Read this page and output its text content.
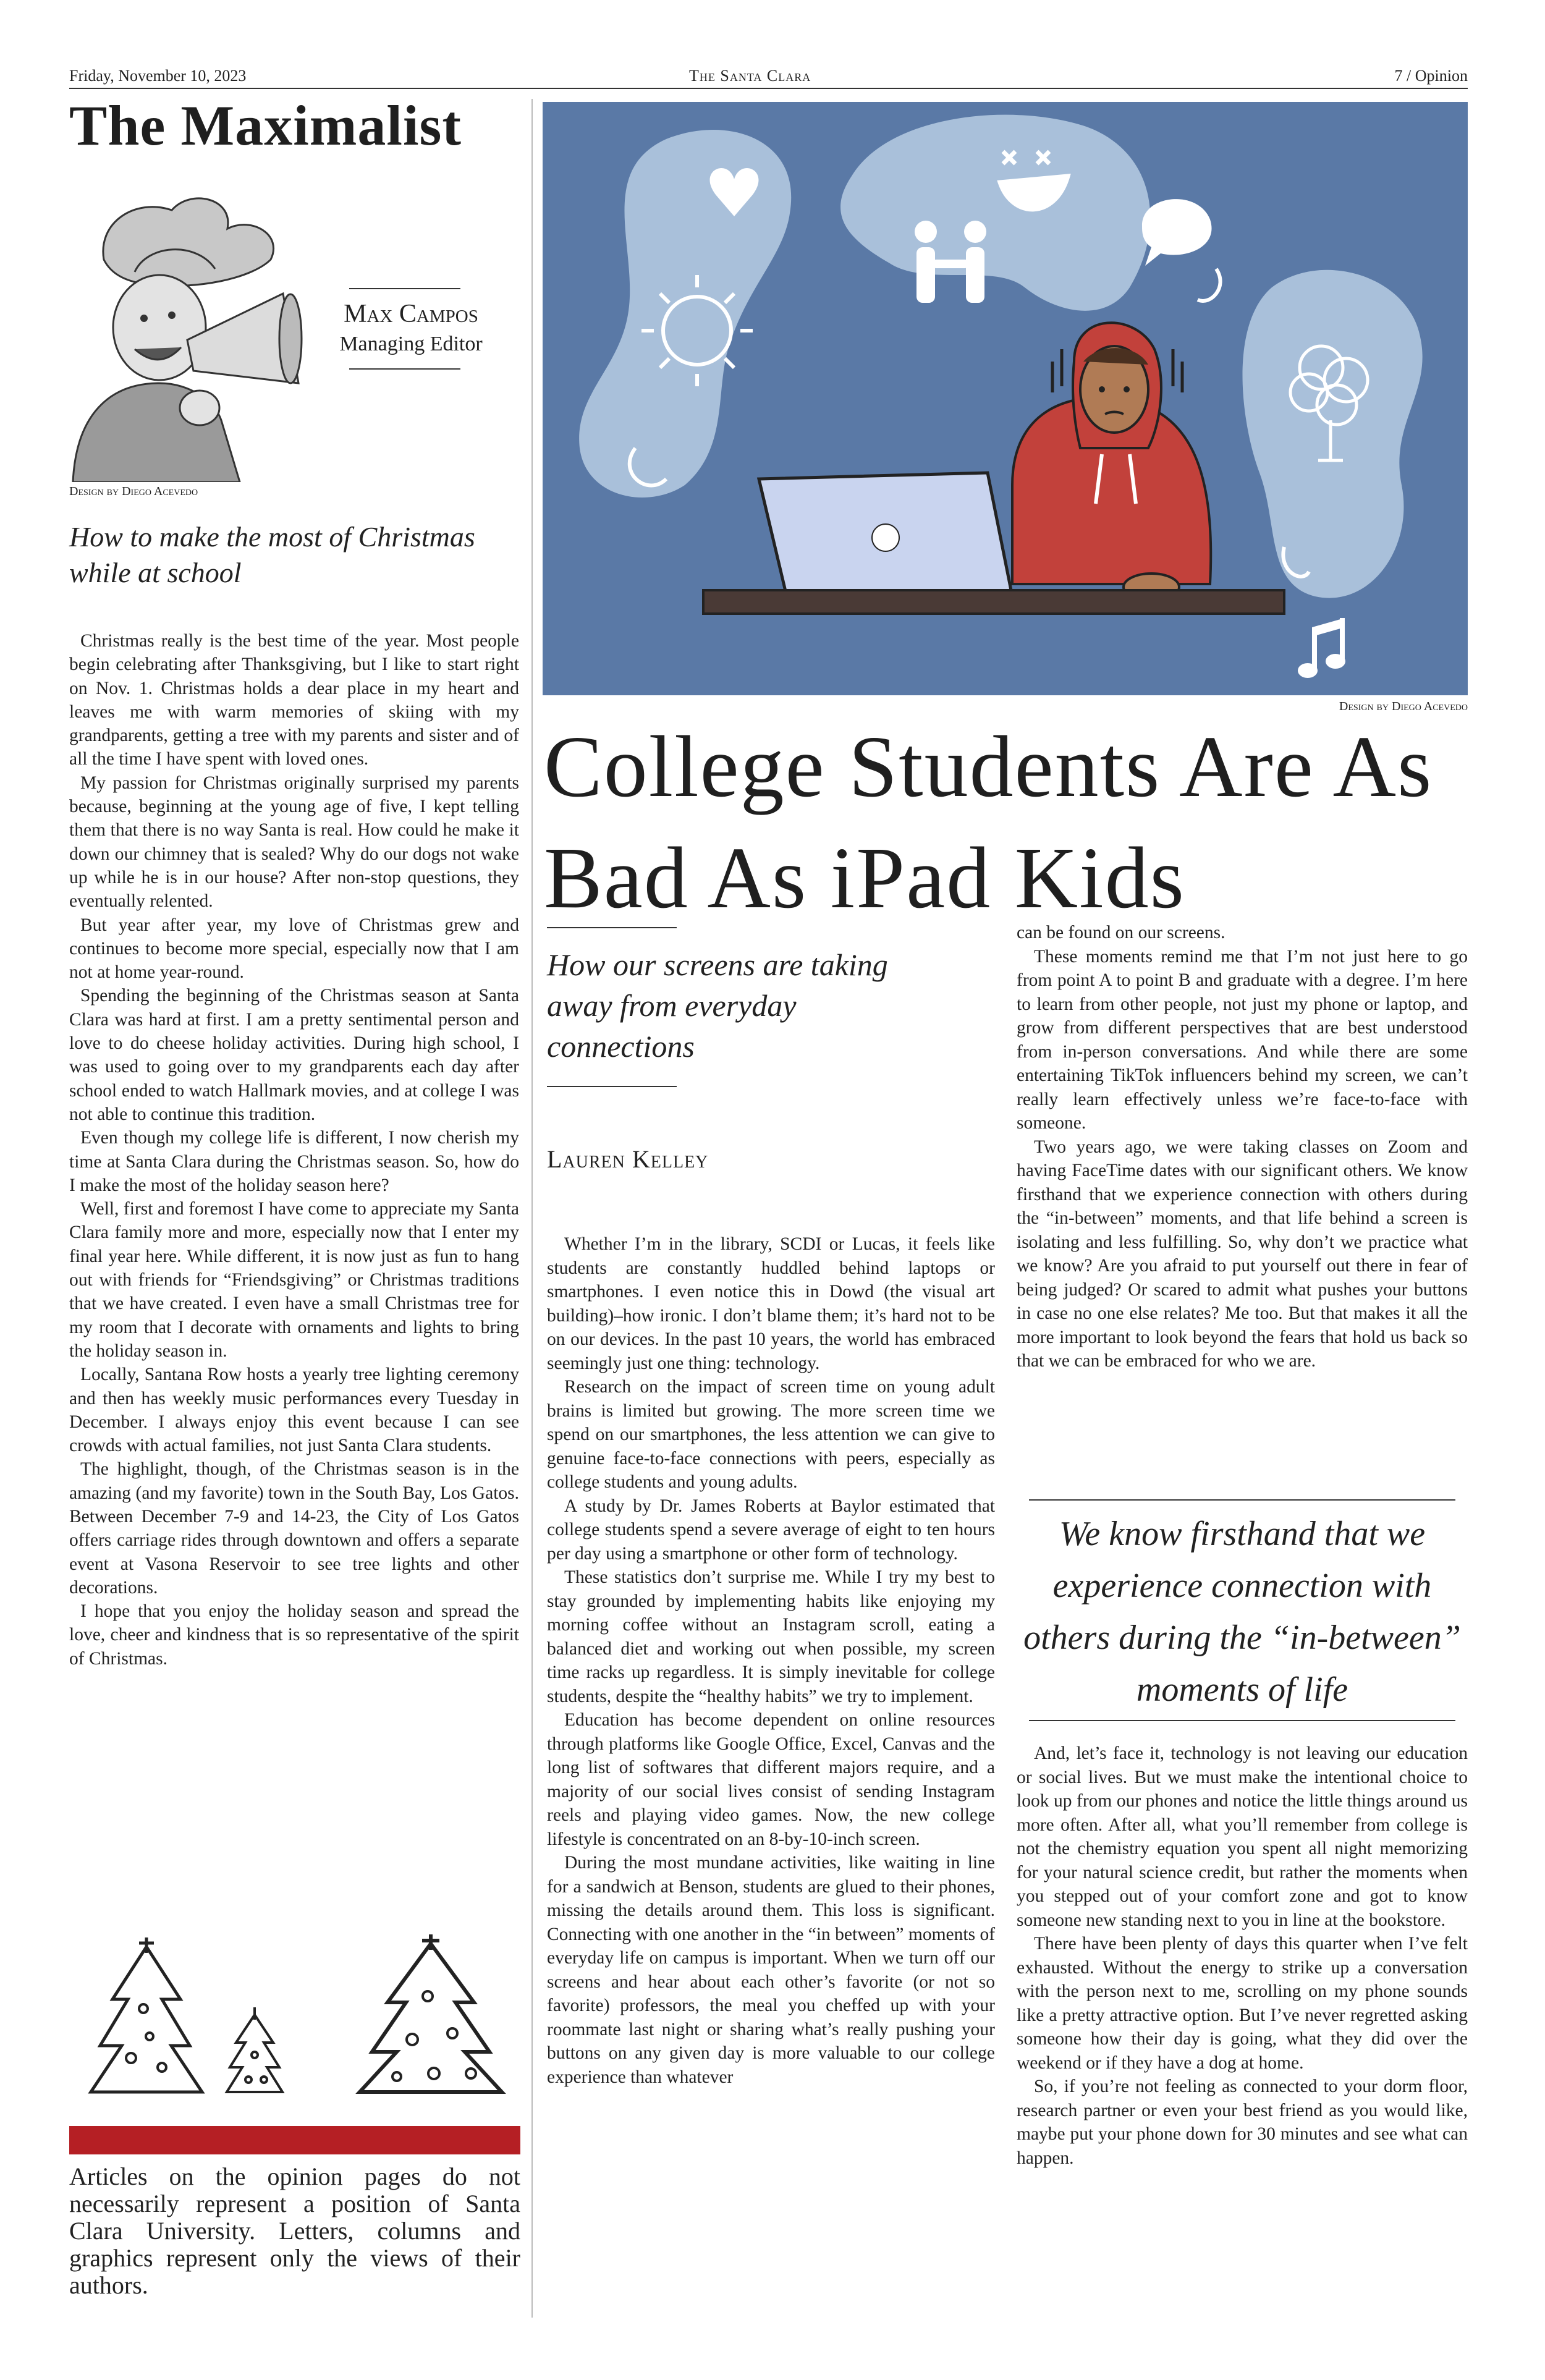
Friday, November 10, 2023	The Santa Clara	7 / Opinion
The Maximalist
Max Campos
Managing Editor
Design by Diego Acevedo
How to make the most of Christmas while at school

Christmas really is the best time of the year. Most people begin celebrating after Thanksgiving, but I like to start right on Nov. 1. Christmas holds a dear place in my heart and leaves me with warm memories of skiing with my grandparents, getting a tree with my parents and sister and of all the time I have spent with loved ones.

My passion for Christmas originally surprised my parents because, beginning at the young age of five, I kept telling them that there is no way Santa is real. How could he make it down our chimney that is sealed? Why do our dogs not wake up while he is in our house? After non-stop questions, they eventually relented.

But year after year, my love of Christmas grew and continues to become more special, especially now that I am not at home year-round.

Spending the beginning of the Christmas season at Santa Clara was hard at first. I am a pretty sentimental person and love to do cheese holiday activities. During high school, I was used to going over to my grandparents each day after school ended to watch Hallmark movies, and at college I was not able to continue this tradition.

Even though my college life is different, I now cherish my time at Santa Clara during the Christmas season. So, how do I make the most of the holiday season here?

Well, first and foremost I have come to appreciate my Santa Clara family more and more, especially now that I enter my final year here. While different, it is now just as fun to hang out with friends for “Friendsgiving” or Christmas traditions that we have created. I even have a small Christmas tree for my room that I decorate with ornaments and lights to bring the holiday season in.

Locally, Santana Row hosts a yearly tree lighting ceremony and then has weekly music performances every Tuesday in December. I always enjoy this event because I can see crowds with actual families, not just Santa Clara students.

The highlight, though, of the Christmas season is in the amazing (and my favorite) town in the South Bay, Los Gatos. Between December 7-9 and 14-23, the City of Los Gatos offers carriage rides through downtown and offers a separate event at Vasona Reservoir to see tree lights and other decorations.

I hope that you enjoy the holiday season and spread the love, cheer and kindness that is so representative of the spirit of Christmas.

Articles on the opinion pages do not necessarily represent a position of Santa Clara University. Letters, columns and graphics represent only the views of their authors.
Design by Diego Acevedo
College Students Are As Bad As iPad Kids
How our screens are taking away from everyday connections
Lauren Kelley

Whether I’m in the library, SCDI or Lucas, it feels like students are constantly huddled behind laptops or smartphones. I even notice this in Dowd (the visual art building)–how ironic. I don’t blame them; it’s hard not to be on our devices. In the past 10 years, the world has embraced seemingly just one thing: technology.

Research on the impact of screen time on young adult brains is limited but growing. The more screen time we spend on our smartphones, the less attention we can give to genuine face-to-face connections with peers, especially as college students and young adults.

A study by Dr. James Roberts at Baylor estimated that college students spend a severe average of eight to ten hours per day using a smartphone or other form of technology.

These statistics don’t surprise me. While I try my best to stay grounded by implementing habits like enjoying my morning coffee without an Instagram scroll, eating a balanced diet and working out when possible, my screen time racks up regardless. It is simply inevitable for college students, despite the “healthy habits” we try to implement.

Education has become dependent on online resources through platforms like Google Office, Excel, Canvas and the long list of softwares that different majors require, and a majority of our social lives consist of sending Instagram reels and playing video games. Now, the new college lifestyle is concentrated on an 8-by-10-inch screen.

During the most mundane activities, like waiting in line for a sandwich at Benson, students are glued to their phones, missing the details around them. This loss is significant. Connecting with one another in the “in between” moments of everyday life on campus is important. When we turn off our screens and hear about each other’s favorite (or not so favorite) professors, the meal you cheffed up with your roommate last night or sharing what’s really pushing your buttons on any given day is more valuable to our college experience than whatever

can be found on our screens.

These moments remind me that I’m not just here to go from point A to point B and graduate with a degree. I’m here to learn from other people, not just my phone or laptop, and grow from different perspectives that are best understood from in-person conversations. And while there are some entertaining TikTok influencers behind my screen, we can’t really learn effectively unless we’re face-to-face with someone.

Two years ago, we were taking classes on Zoom and having FaceTime dates with our significant others. We know firsthand that we experience connection with others during the “in-between” moments, and that life behind a screen is isolating and less fulfilling. So, why don’t we practice what we know? Are you afraid to put yourself out there in fear of being judged? Or scared to admit what pushes your buttons in case no one else relates? Me too. But that makes it all the more important to look beyond the fears that hold us back so that we can be embraced for who we are.

We know firsthand that we experience connection with others during the “in-between” moments of life

And, let’s face it, technology is not leaving our education or social lives. But we must make the intentional choice to look up from our phones and notice the little things around us more often. After all, what you’ll remember from college is not the chemistry equation you spent all night memorizing for your natural science credit, but rather the moments when you stepped out of your comfort zone and got to know someone new standing next to you in line at the bookstore.

There have been plenty of days this quarter when I’ve felt exhausted. Without the energy to strike up a conversation with the person next to me, scrolling on my phone sounds like a pretty attractive option. But I’ve never regretted asking someone how their day is going, what they did over the weekend or if they have a dog at home.

So, if you’re not feeling as connected to your dorm floor, research partner or even your best friend as you would like, maybe put your phone down for 30 minutes and see what can happen.
